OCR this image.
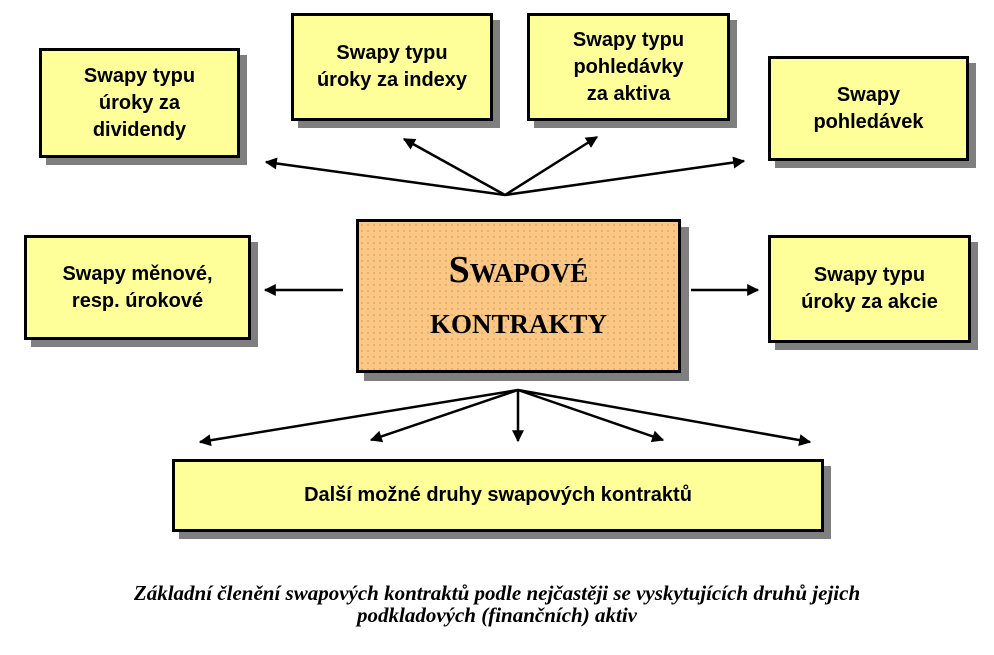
Swapy typu
úroky za
dividendy
Swapy typu
úroky za indexy
Swapy typu
pohledávky
za aktiva	Swapy
pohledávek
Swapy měnové,
resp. úrokové
Swapy typu
úroky za akcie
Swapové
kontrakty
Další možné druhy swapových kontraktů
Základní členění swapových kontraktů podle nejčastěji se vyskytujících druhů jejich
podkladových (finančních) aktiv
